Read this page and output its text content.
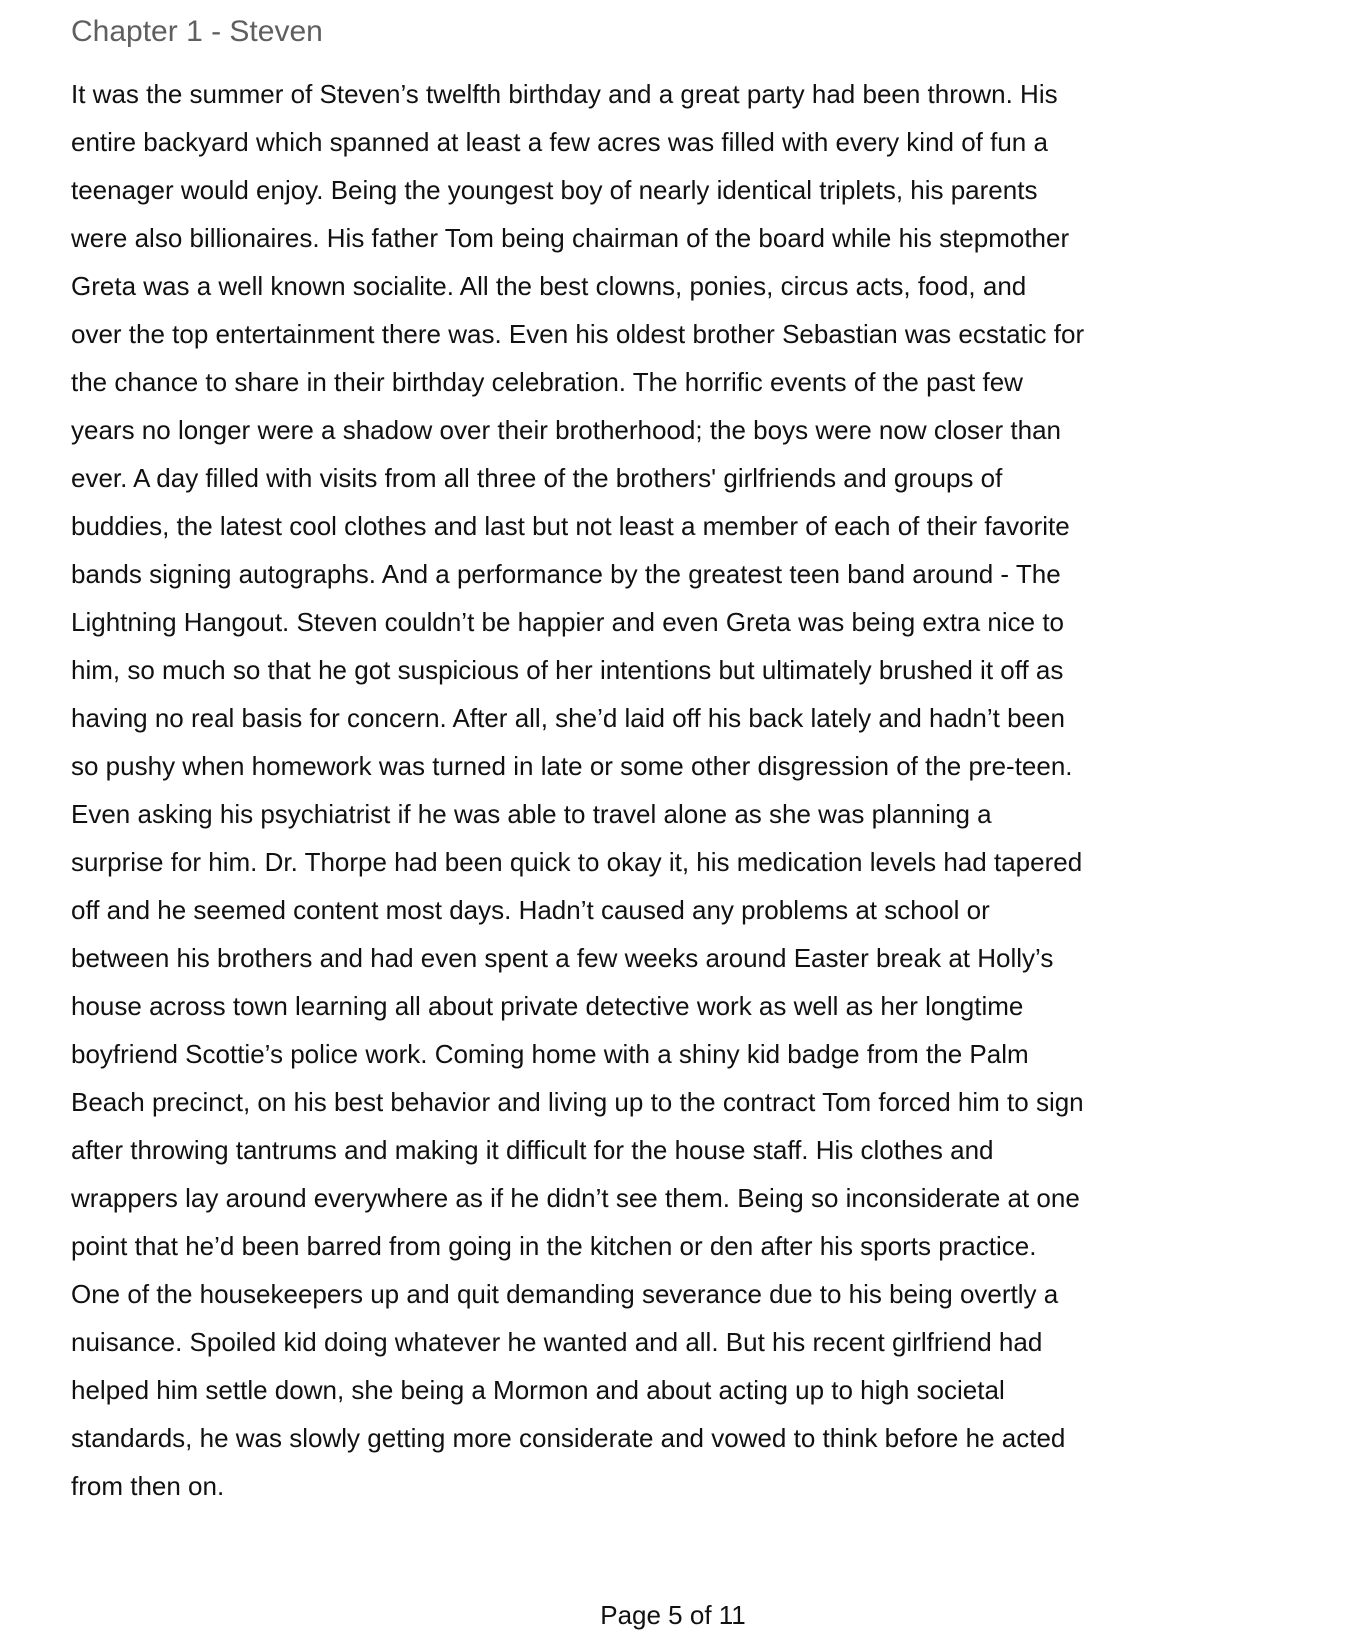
Chapter 1 - Steven
It was the summer of Steven’s twelfth birthday and a great party had been thrown. His
entire backyard which spanned at least a few acres was filled with every kind of fun a
teenager would enjoy. Being the youngest boy of nearly identical triplets, his parents
were also billionaires. His father Tom being chairman of the board while his stepmother
Greta was a well known socialite. All the best clowns, ponies, circus acts, food, and
over the top entertainment there was. Even his oldest brother Sebastian was ecstatic for
the chance to share in their birthday celebration. The horrific events of the past few
years no longer were a shadow over their brotherhood; the boys were now closer than
ever. A day filled with visits from all three of the brothers' girlfriends and groups of
buddies, the latest cool clothes and last but not least a member of each of their favorite
bands signing autographs. And a performance by the greatest teen band around - The
Lightning Hangout. Steven couldn’t be happier and even Greta was being extra nice to
him, so much so that he got suspicious of her intentions but ultimately brushed it off as
having no real basis for concern. After all, she’d laid off his back lately and hadn’t been
so pushy when homework was turned in late or some other disgression of the pre-teen.
Even asking his psychiatrist if he was able to travel alone as she was planning a
surprise for him. Dr. Thorpe had been quick to okay it, his medication levels had tapered
off and he seemed content most days. Hadn’t caused any problems at school or
between his brothers and had even spent a few weeks around Easter break at Holly’s
house across town learning all about private detective work as well as her longtime
boyfriend Scottie’s police work. Coming home with a shiny kid badge from the Palm
Beach precinct, on his best behavior and living up to the contract Tom forced him to sign
after throwing tantrums and making it difficult for the house staff. His clothes and
wrappers lay around everywhere as if he didn’t see them. Being so inconsiderate at one
point that he’d been barred from going in the kitchen or den after his sports practice.
One of the housekeepers up and quit demanding severance due to his being overtly a
nuisance. Spoiled kid doing whatever he wanted and all. But his recent girlfriend had
helped him settle down, she being a Mormon and about acting up to high societal
standards, he was slowly getting more considerate and vowed to think before he acted
from then on.
Page 5 of 11
